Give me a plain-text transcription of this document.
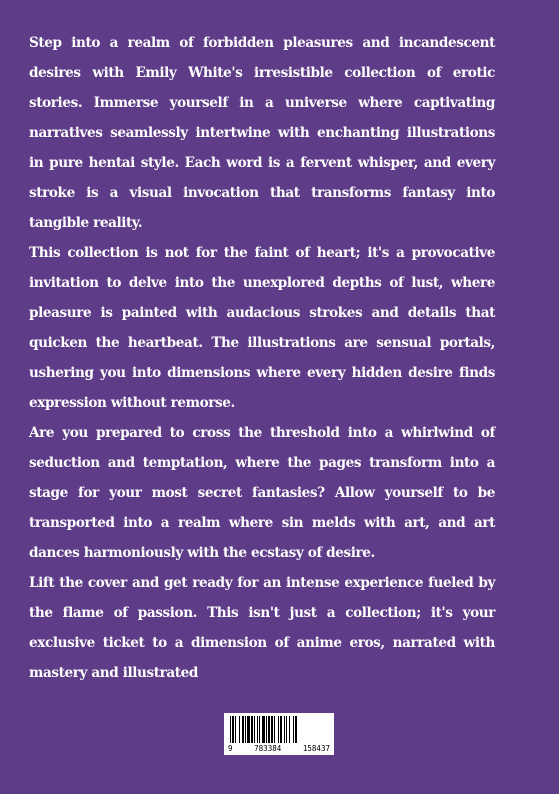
Step into a realm of forbidden pleasures and incandescent desires with Emily White's irresistible collection of erotic stories. Immerse yourself in a universe where captivating narratives seamlessly intertwine with enchanting illustrations in pure hentai style. Each word is a fervent whisper, and every stroke is a visual invocation that transforms fantasy into tangible reality.

This collection is not for the faint of heart; it's a provocative invitation to delve into the unexplored depths of lust, where pleasure is painted with audacious strokes and details that quicken the heartbeat. The illustrations are sensual portals, ushering you into dimensions where every hidden desire finds expression without remorse.

Are you prepared to cross the threshold into a whirlwind of seduction and temptation, where the pages transform into a stage for your most secret fantasies? Allow yourself to be transported into a realm where sin melds with art, and art dances harmoniously with the ecstasy of desire.

Lift the cover and get ready for an intense experience fueled by the flame of passion. This isn't just a collection; it's your exclusive ticket to a dimension of anime eros, narrated with mastery and illustrated

9	783384	158437
